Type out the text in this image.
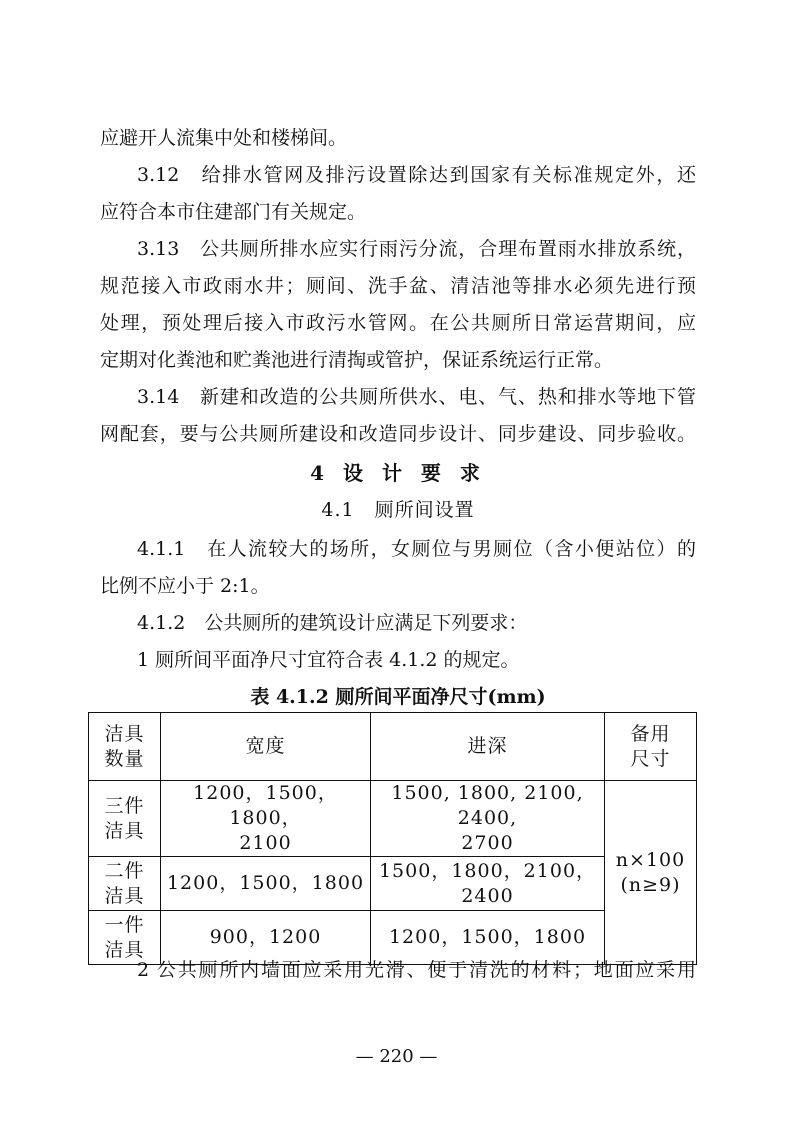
应避开人流集中处和楼梯间。
3.12　给排水管网及排污设置除达到国家有关标准规定外，还
应符合本市住建部门有关规定。
3.13　公共厕所排水应实行雨污分流，合理布置雨水排放系统，
规范接入市政雨水井；厕间、洗手盆、清洁池等排水必须先进行预
处理，预处理后接入市政污水管网。在公共厕所日常运营期间，应
定期对化粪池和贮粪池进行清掏或管护，保证系统运行正常。
3.14　新建和改造的公共厕所供水、电、气、热和排水等地下管
网配套，要与公共厕所建设和改造同步设计、同步建设、同步验收。
4 设 计 要 求
4.1　厕所间设置
4.1.1　在人流较大的场所，女厕位与男厕位（含小便站位）的
比例不应小于 2:1。
4.1.2　公共厕所的建筑设计应满足下列要求：
1 厕所间平面净尺寸宜符合表 4.1.2 的规定。
表 4.1.2 厕所间平面净尺寸(mm)
洁具
数量	宽度	进深	备用
尺寸
三件
洁具	1200，1500，1800，
2100	1500, 1800, 2100, 2400,
2700	n×100
(n≥9)
二件
洁具	1200，1500，1800	1500，1800，2100，2400	
一件
洁具	900，1200	1200，1500，1800	
2 公共厕所内墙面应采用光滑、便于清洗的材料；地面应采用
— 220 —
